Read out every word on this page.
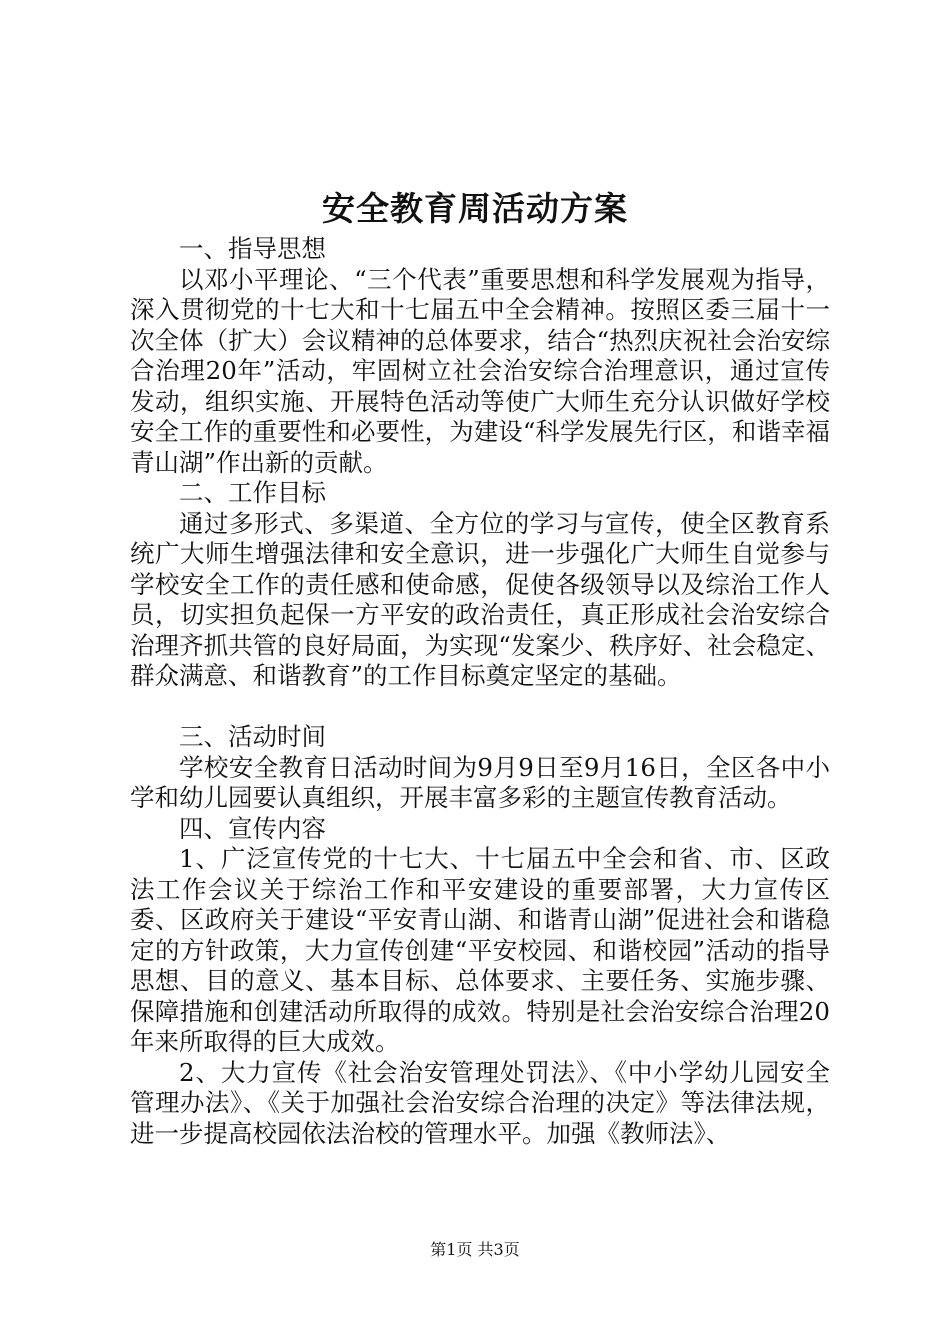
安全教育周活动方案

一、指导思想

以邓小平理论、“三个代表”重要思想和科学发展观为指导，深入贯彻党的十七大和十七届五中全会精神。按照区委三届十一次全体（扩大）会议精神的总体要求，结合“热烈庆祝社会治安综合治理20年”活动，牢固树立社会治安综合治理意识，通过宣传发动，组织实施、开展特色活动等使广大师生充分认识做好学校安全工作的重要性和必要性，为建设“科学发展先行区，和谐幸福青山湖”作出新的贡献。

二、工作目标

通过多形式、多渠道、全方位的学习与宣传，使全区教育系统广大师生增强法律和安全意识，进一步强化广大师生自觉参与学校安全工作的责任感和使命感，促使各级领导以及综治工作人员，切实担负起保一方平安的政治责任，真正形成社会治安综合治理齐抓共管的良好局面，为实现“发案少、秩序好、社会稳定、群众满意、和谐教育”的工作目标奠定坚定的基础。

三、活动时间

学校安全教育日活动时间为9月9日至9月16日，全区各中小学和幼儿园要认真组织，开展丰富多彩的主题宣传教育活动。

四、宣传内容

1、广泛宣传党的十七大、十七届五中全会和省、市、区政法工作会议关于综治工作和平安建设的重要部署，大力宣传区委、区政府关于建设“平安青山湖、和谐青山湖”促进社会和谐稳定的方针政策，大力宣传创建“平安校园、和谐校园”活动的指导思想、目的意义、基本目标、总体要求、主要任务、实施步骤、保障措施和创建活动所取得的成效。特别是社会治安综合治理20年来所取得的巨大成效。

2、大力宣传《社会治安管理处罚法》、《中小学幼儿园安全管理办法》、《关于加强社会治安综合治理的决定》等法律法规，进一步提高校园依法治校的管理水平。加强《教师法》、

第1页 共3页
